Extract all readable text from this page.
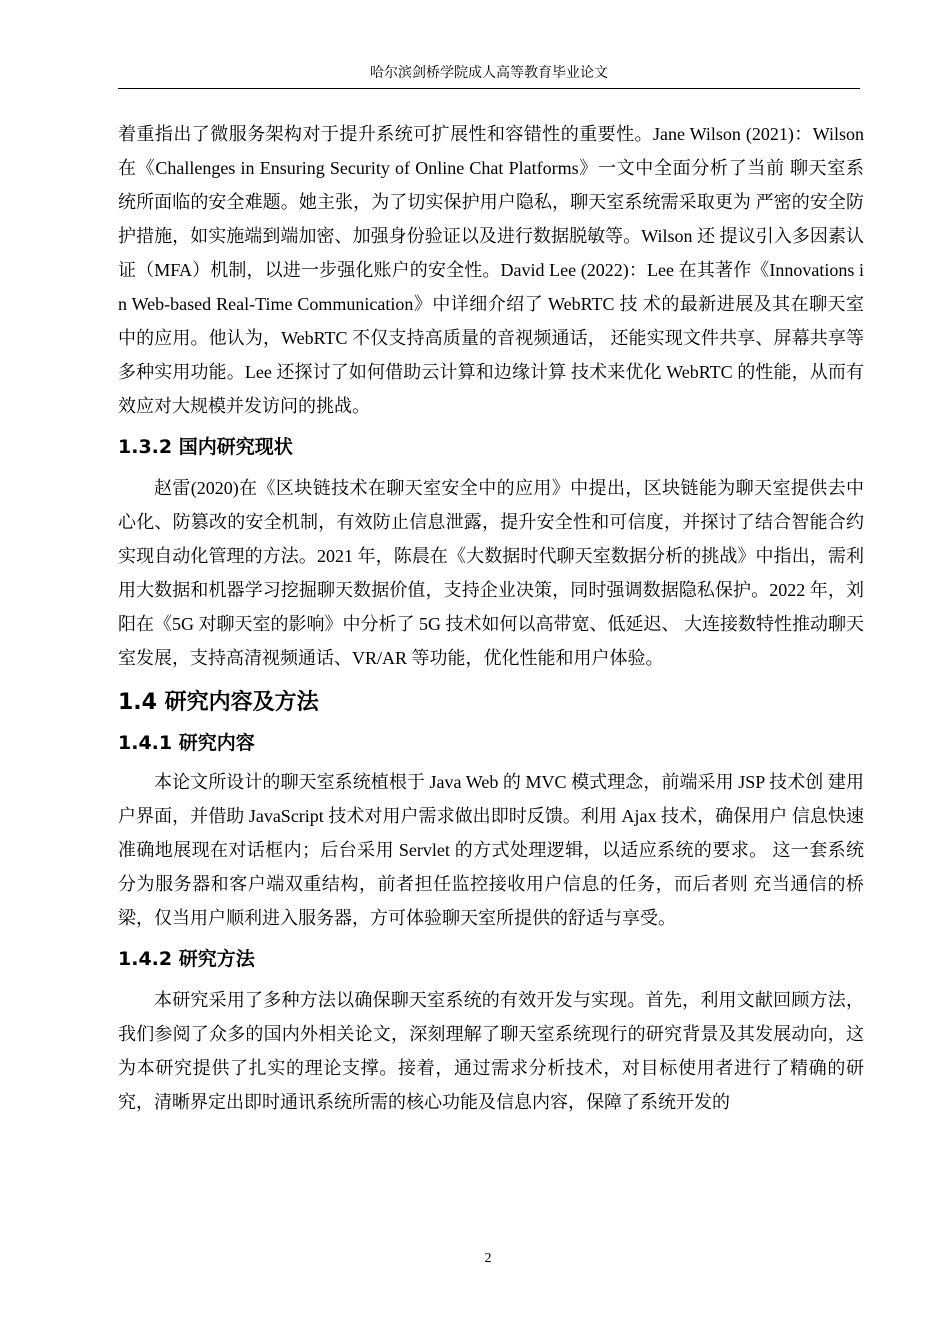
哈尔滨剑桥学院成人高等教育毕业论文

着重指出了微服务架构对于提升系统可扩展性和容错性的重要性。Jane Wilson (2021)：Wilson 在《Challenges in Ensuring Security of Online Chat Platforms》一文中全面分析了当前 聊天室系统所面临的安全难题。她主张，为了切实保护用户隐私，聊天室系统需采取更为 严密的安全防护措施，如实施端到端加密、加强身份验证以及进行数据脱敏等。Wilson 还 提议引入多因素认证（MFA）机制，以进一步强化账户的安全性。David Lee (2022)：Lee 在其著作《Innovations in Web-based Real-Time Communication》中详细介绍了 WebRTC 技 术的最新进展及其在聊天室中的应用。他认为，WebRTC 不仅支持高质量的音视频通话， 还能实现文件共享、屏幕共享等多种实用功能。Lee 还探讨了如何借助云计算和边缘计算 技术来优化 WebRTC 的性能，从而有效应对大规模并发访问的挑战。

1.3.2 国内研究现状

赵雷(2020)在《区块链技术在聊天室安全中的应用》中提出，区块链能为聊天室提供去中心化、防篡改的安全机制，有效防止信息泄露，提升安全性和可信度，并探讨了结合智能合约实现自动化管理的方法。2021 年，陈晨在《大数据时代聊天室数据分析的挑战》中指出，需利用大数据和机器学习挖掘聊天数据价值，支持企业决策，同时强调数据隐私保护。2022 年，刘阳在《5G 对聊天室的影响》中分析了 5G 技术如何以高带宽、低延迟、 大连接数特性推动聊天室发展，支持高清视频通话、VR/AR 等功能，优化性能和用户体验。

1.4 研究内容及方法
1.4.1 研究内容

本论文所设计的聊天室系统植根于 Java Web 的 MVC 模式理念，前端采用 JSP 技术创 建用户界面，并借助 JavaScript 技术对用户需求做出即时反馈。利用 Ajax 技术，确保用户 信息快速准确地展现在对话框内；后台采用 Servlet 的方式处理逻辑，以适应系统的要求。 这一套系统分为服务器和客户端双重结构，前者担任监控接收用户信息的任务，而后者则 充当通信的桥梁，仅当用户顺利进入服务器，方可体验聊天室所提供的舒适与享受。

1.4.2 研究方法

本研究采用了多种方法以确保聊天室系统的有效开发与实现。首先，利用文献回顾方法，我们参阅了众多的国内外相关论文，深刻理解了聊天室系统现行的研究背景及其发展动向，这为本研究提供了扎实的理论支撑。接着，通过需求分析技术，对目标使用者进行了精确的研究，清晰界定出即时通讯系统所需的核心功能及信息内容，保障了系统开发的

2
